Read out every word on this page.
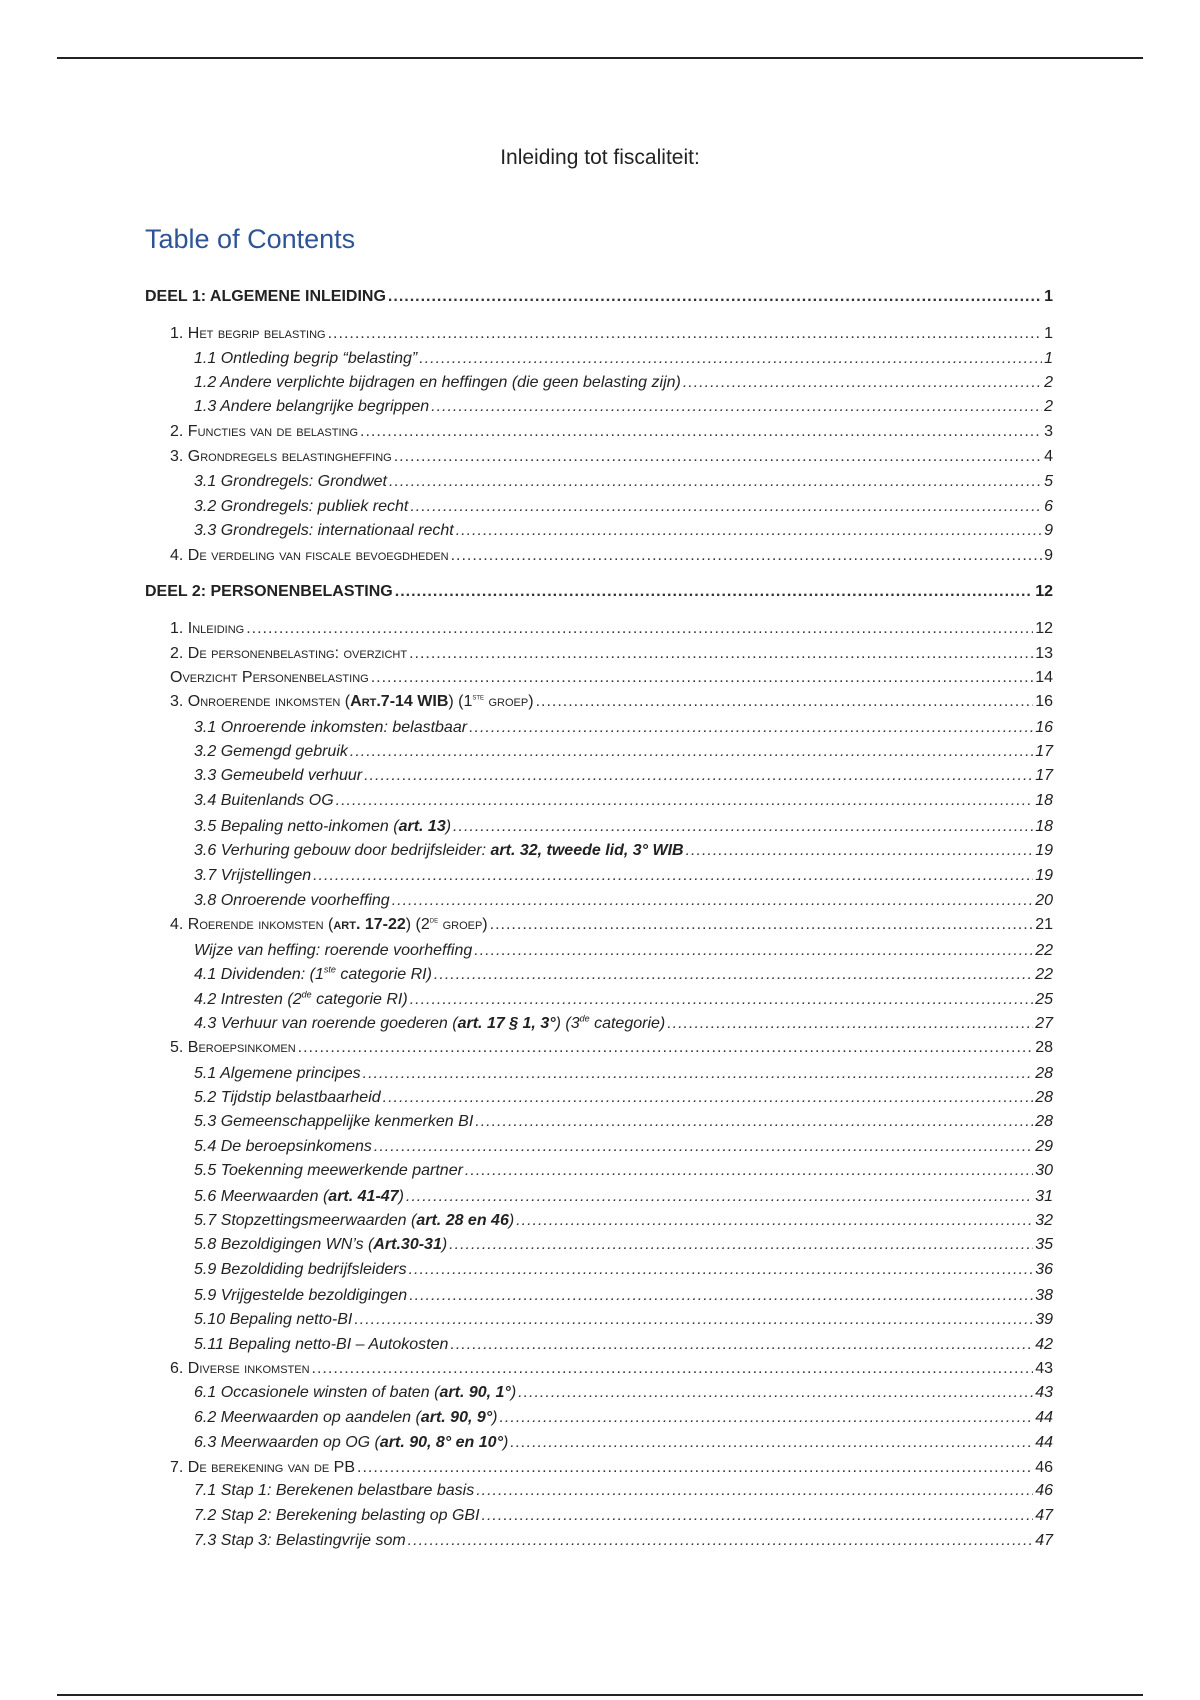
Inleiding tot fiscaliteit:
Table of Contents
DEEL 1: ALGEMENE INLEIDING .....	1
1. Het begrip belasting .....	1
1.1 Ontleding begrip “belasting” .....	1
1.2 Andere verplichte bijdragen en heffingen (die geen belasting zijn) .....	2
1.3 Andere belangrijke begrippen .....	2
2. Functies van de belasting .....	3
3. Grondregels belastingheffing .....	4
3.1 Grondregels: Grondwet .....	5
3.2 Grondregels: publiek recht .....	6
3.3 Grondregels: internationaal recht .....	9
4. De verdeling van fiscale bevoegdheden .....	9
DEEL 2: PERSONENBELASTING .....	12
1. Inleiding .....	12
2. De personenbelasting: overzicht .....	13
Overzicht Personenbelasting .....	14
3. Onroerende inkomsten (Art.7-14 WIB) (1ste groep) .....	16
3.1 Onroerende inkomsten: belastbaar .....	16
3.2 Gemengd gebruik .....	17
3.3 Gemeubeld verhuur .....	17
3.4 Buitenlands OG .....	18
3.5 Bepaling netto-inkomen (art. 13) .....	18
3.6 Verhuring gebouw door bedrijfsleider: art. 32, tweede lid, 3° WIB .....	19
3.7 Vrijstellingen .....	19
3.8 Onroerende voorheffing .....	20
4. Roerende inkomsten (art. 17-22) (2de groep) .....	21
Wijze van heffing: roerende voorheffing .....	22
4.1 Dividenden: (1ste categorie RI) .....	22
4.2 Intresten (2de categorie RI) .....	25
4.3 Verhuur van roerende goederen (art. 17 § 1, 3°) (3de categorie) .....	27
5. Beroepsinkomen .....	28
5.1 Algemene principes .....	28
5.2 Tijdstip belastbaarheid .....	28
5.3 Gemeenschappelijke kenmerken BI .....	28
5.4 De beroepsinkomens .....	29
5.5 Toekenning meewerkende partner .....	30
5.6 Meerwaarden (art. 41-47) .....	31
5.7 Stopzettingsmeerwaarden (art. 28 en 46) .....	32
5.8 Bezoldigingen WN’s (Art.30-31) .....	35
5.9 Bezoldiding bedrijfsleiders .....	36
5.9 Vrijgestelde bezoldigingen .....	38
5.10 Bepaling netto-BI .....	39
5.11 Bepaling netto-BI – Autokosten .....	42
6. Diverse inkomsten .....	43
6.1 Occasionele winsten of baten (art. 90, 1°) .....	43
6.2 Meerwaarden op aandelen (art. 90, 9°) .....	44
6.3 Meerwaarden op OG (art. 90, 8° en 10°) .....	44
7. De berekening van de PB .....	46
7.1 Stap 1: Berekenen belastbare basis .....	46
7.2 Stap 2: Berekening belasting op GBI .....	47
7.3 Stap 3: Belastingvrije som .....	47
